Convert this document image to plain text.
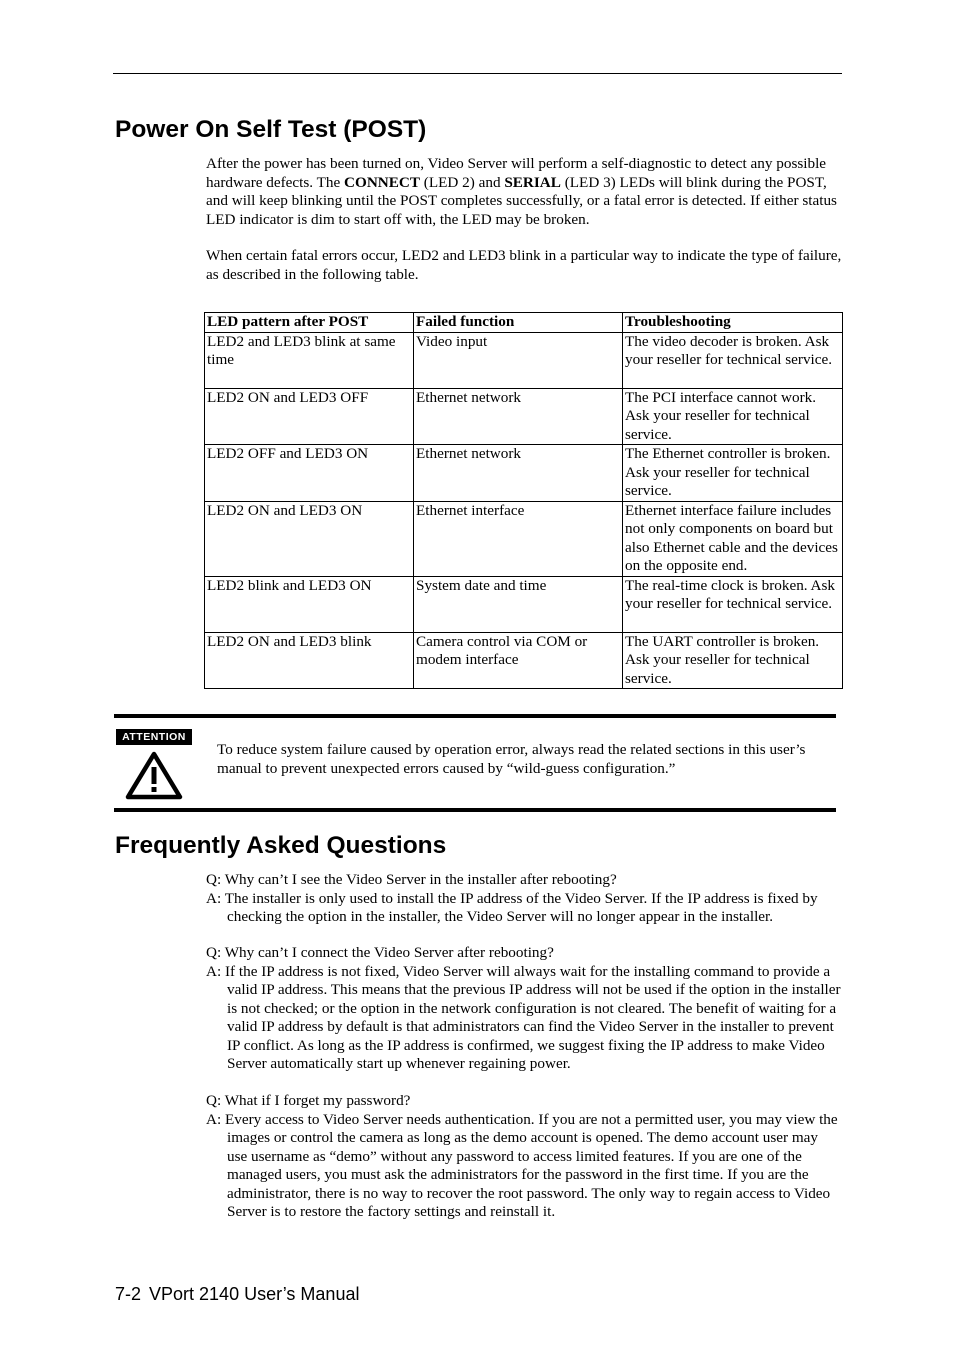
Power On Self Test (POST)

After the power has been turned on, Video Server will perform a self-diagnostic to detect any possible hardware defects. The CONNECT (LED 2) and SERIAL (LED 3) LEDs will blink during the POST, and will keep blinking until the POST completes successfully, or a fatal error is detected. If either status LED indicator is dim to start off with, the LED may be broken.

When certain fatal errors occur, LED2 and LED3 blink in a particular way to indicate the type of failure, as described in the following table.

LED pattern after POST	Failed function	Troubleshooting
LED2 and LED3 blink at same time	Video input	The video decoder is broken. Ask your reseller for technical service.
LED2 ON and LED3 OFF	Ethernet network	The PCI interface cannot work. Ask your reseller for technical service.
LED2 OFF and LED3 ON	Ethernet network	The Ethernet controller is broken. Ask your reseller for technical service.
LED2 ON and LED3 ON	Ethernet interface	Ethernet interface failure includes not only components on board but also Ethernet cable and the devices on the opposite end.
LED2 blink and LED3 ON	System date and time	The real-time clock is broken. Ask your reseller for technical service.
LED2 ON and LED3 blink	Camera control via COM or modem interface	The UART controller is broken. Ask your reseller for technical service.
ATTENTION

To reduce system failure caused by operation error, always read the related sections in this user’s manual to prevent unexpected errors caused by “wild-guess configuration.”

Frequently Asked Questions

Q: Why can’t I see the Video Server in the installer after rebooting?

A: The installer is only used to install the IP address of the Video Server. If the IP address is fixed by checking the option in the installer, the Video Server will no longer appear in the installer.

Q: Why can’t I connect the Video Server after rebooting?

A: If the IP address is not fixed, Video Server will always wait for the installing command to provide a valid IP address. This means that the previous IP address will not be used if the option in the installer is not checked; or the option in the network configuration is not cleared. The benefit of waiting for a valid IP address by default is that administrators can find the Video Server in the installer to prevent IP conflict. As long as the IP address is confirmed, we suggest fixing the IP address to make Video Server automatically start up whenever regaining power.

Q: What if I forget my password?

A: Every access to Video Server needs authentication. If you are not a permitted user, you may view the images or control the camera as long as the demo account is opened. The demo account user may use username as “demo” without any password to access limited features. If you are one of the managed users, you must ask the administrators for the password in the first time. If you are the administrator, there is no way to recover the root password. The only way to regain access to Video Server is to restore the factory settings and reinstall it.

7-2 VPort 2140 User’s Manual
